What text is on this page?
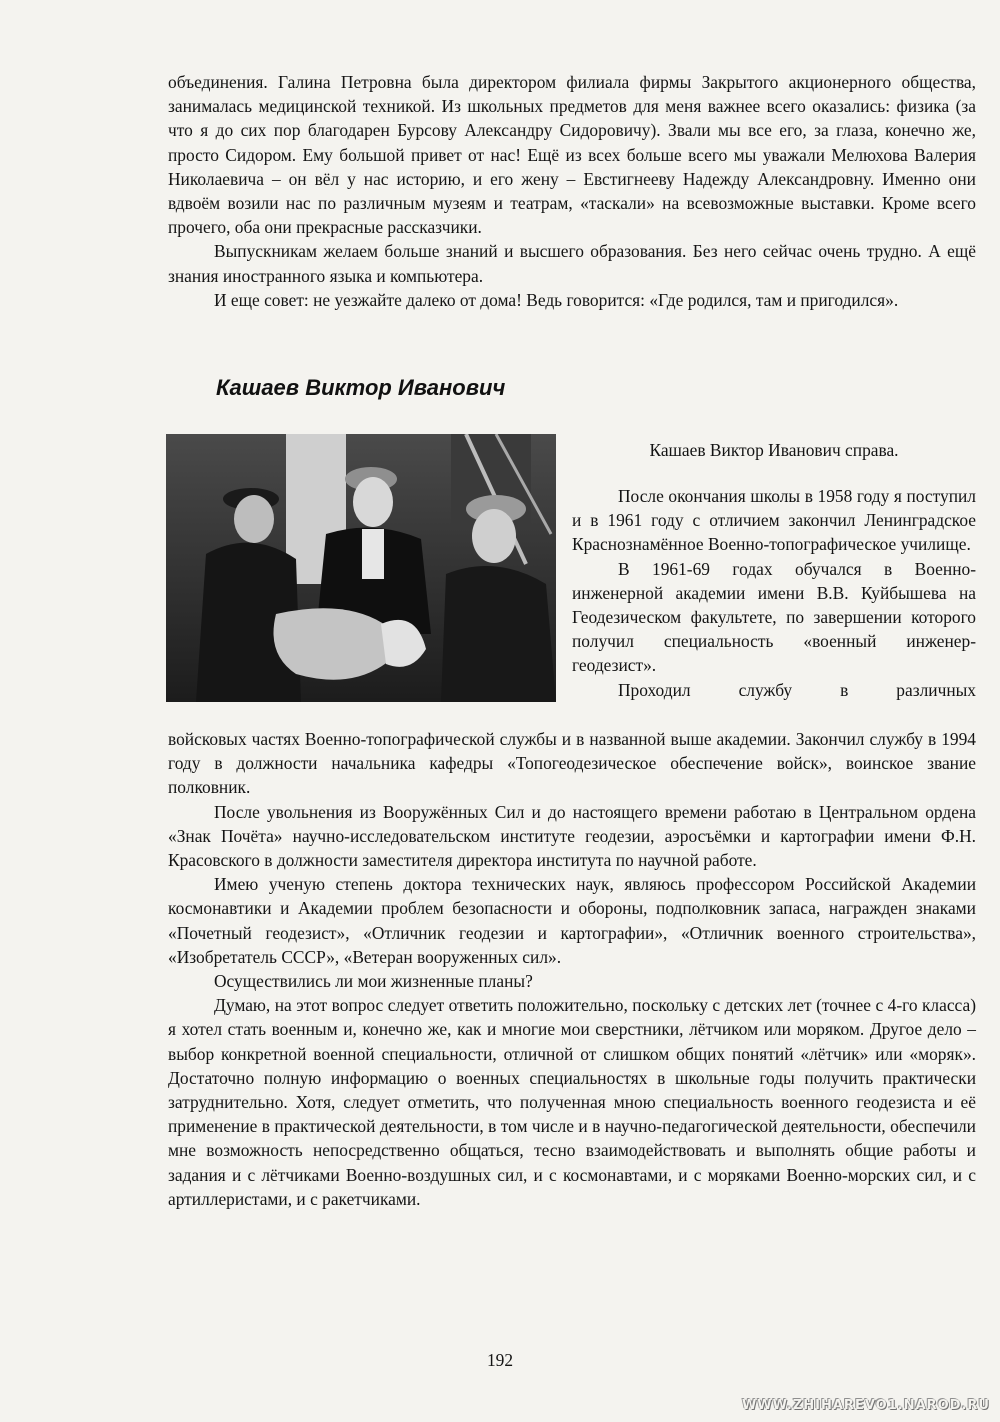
объединения. Галина Петровна была директором филиала фирмы Закрытого акционерного общества, занималась медицинской техникой. Из школьных предметов для меня важнее всего оказались: физика (за что я до сих пор благодарен Бурсову Александру Сидоровичу). Звали мы все его, за глаза, конечно же, просто Сидором. Ему большой привет от нас! Ещё из всех больше всего мы уважали Мелюхова Валерия Николаевича – он вёл у нас историю, и его жену – Евстигнееву Надежду Александровну. Именно они вдвоём возили нас по различным музеям и театрам, «таскали» на всевозможные выставки. Кроме всего прочего, оба они прекрасные рассказчики.

Выпускникам желаем больше знаний и высшего образования. Без него сейчас очень трудно. А ещё знания иностранного языка и компьютера.

И еще совет: не уезжайте далеко от дома! Ведь говорится: «Где родился, там и пригодился».

Кашаев Виктор Иванович
Кашаев Виктор Иванович справа.

После окончания школы в 1958 году я поступил и в 1961 году с отличием закончил Ленинградское Краснознамённое Военно-топографическое училище.

В 1961-69 годах обучался в Военно-инженерной академии имени В.В. Куйбышева на Геодезическом факультете, по завершении которого получил специальность «военный инженер-геодезист».

Проходил службу в различных

войсковых частях Военно-топографической службы и в названной выше академии. Закончил службу в 1994 году в должности начальника кафедры «Топогеодезическое обеспечение войск», воинское звание полковник.

После увольнения из Вооружённых Сил и до настоящего времени работаю в Центральном ордена «Знак Почёта» научно-исследовательском институте геодезии, аэросъёмки и картографии имени Ф.Н. Красовского в должности заместителя директора института по научной работе.

Имею ученую степень доктора технических наук, являюсь профессором Российской Академии космонавтики и Академии проблем безопасности и обороны, подполковник запаса, награжден знаками «Почетный геодезист», «Отличник геодезии и картографии», «Отличник военного строительства», «Изобретатель СССР», «Ветеран вооруженных сил».

Осуществились ли мои жизненные планы?

Думаю, на этот вопрос следует ответить положительно, поскольку с детских лет (точнее с 4-го класса) я хотел стать военным и, конечно же, как и многие мои сверстники, лётчиком или моряком. Другое дело – выбор конкретной военной специальности, отличной от слишком общих понятий «лётчик» или «моряк». Достаточно полную информацию о военных специальностях в школьные годы получить практически затруднительно. Хотя, следует отметить, что полученная мною специальность военного геодезиста и её применение в практической деятельности, в том числе и в научно-педагогической деятельности, обеспечили мне возможность непосредственно общаться, тесно взаимодействовать и выполнять общие работы и задания и с лётчиками Военно-воздушных сил, и с космонавтами, и с моряками Военно-морских сил, и с артиллеристами, и с ракетчиками.

192
WWW.ZHIHAREVO1.NAROD.RU
